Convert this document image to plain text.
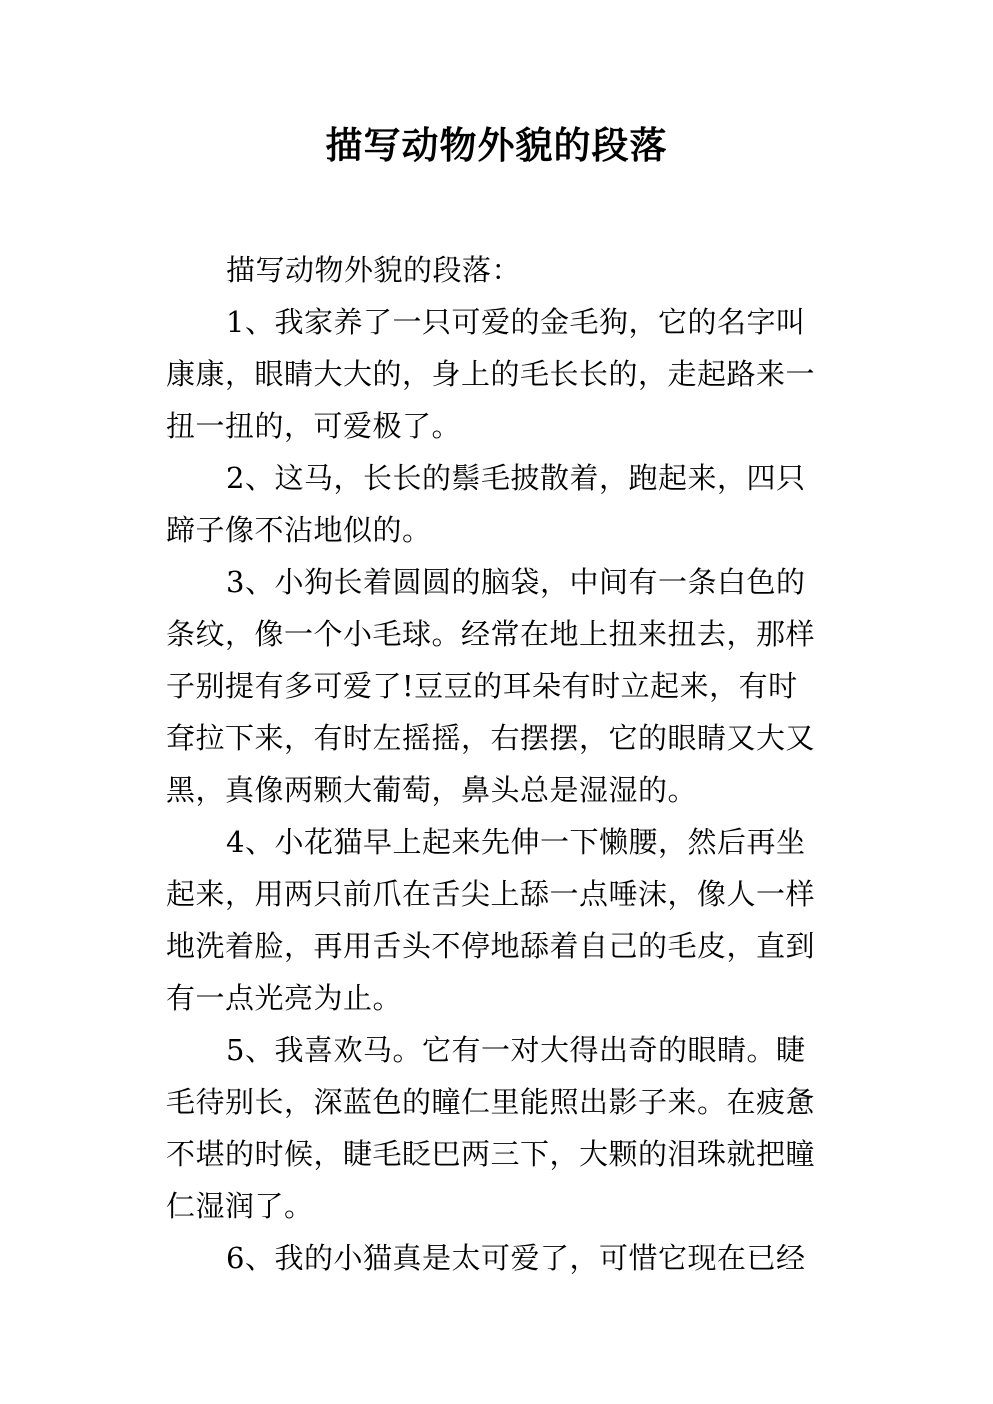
描写动物外貌的段落
描写动物外貌的段落：
1、我家养了一只可爱的金毛狗，它的名字叫
康康，眼睛大大的，身上的毛长长的，走起路来一
扭一扭的，可爱极了。
2、这马，长长的鬃毛披散着，跑起来，四只
蹄子像不沾地似的。
3、小狗长着圆圆的脑袋，中间有一条白色的
条纹，像一个小毛球。经常在地上扭来扭去，那样
子别提有多可爱了!豆豆的耳朵有时立起来，有时
耷拉下来，有时左摇摇，右摆摆，它的眼睛又大又
黑，真像两颗大葡萄，鼻头总是湿湿的。
4、小花猫早上起来先伸一下懒腰，然后再坐
起来，用两只前爪在舌尖上舔一点唾沫，像人一样
地洗着脸，再用舌头不停地舔着自己的毛皮，直到
有一点光亮为止。
5、我喜欢马。它有一对大得出奇的眼睛。睫
毛待别长，深蓝色的瞳仁里能照出影子来。在疲惫
不堪的时候，睫毛眨巴两三下，大颗的泪珠就把瞳
仁湿润了。
6、我的小猫真是太可爱了，可惜它现在已经
